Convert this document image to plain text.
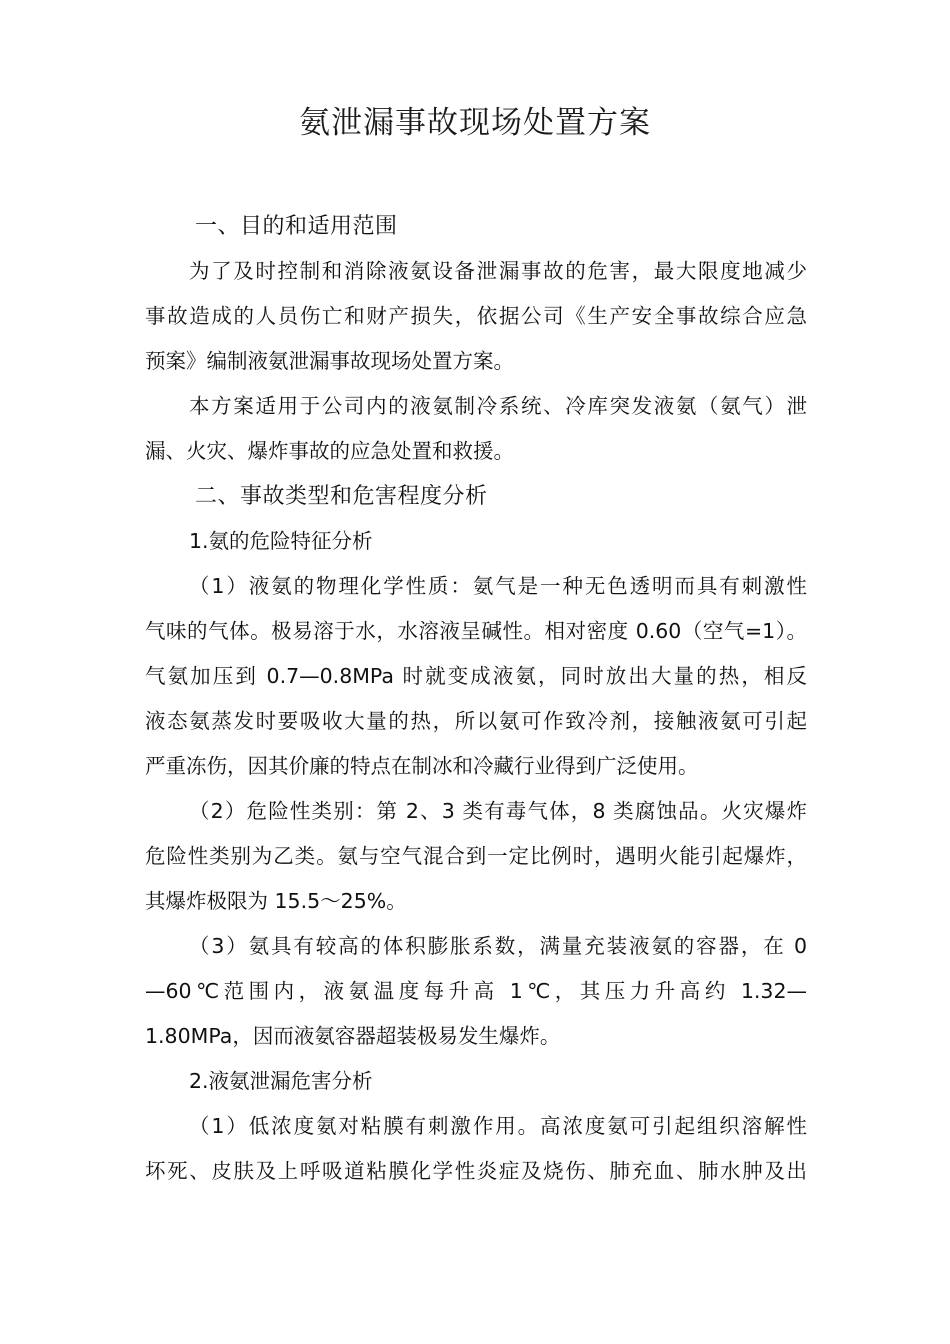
氨泄漏事故现场处置方案
一、目的和适用范围
为了及时控制和消除液氨设备泄漏事故的危害，最大限度地减少
事故造成的人员伤亡和财产损失，依据公司《生产安全事故综合应急
预案》编制液氨泄漏事故现场处置方案。
本方案适用于公司内的液氨制冷系统、冷库突发液氨（氨气）泄
漏、火灾、爆炸事故的应急处置和救援。
二、事故类型和危害程度分析
1.氨的危险特征分析
（1）液氨的物理化学性质：氨气是一种无色透明而具有刺激性
气味的气体。极易溶于水，水溶液呈碱性。相对密度 0.60（空气=1）。
气氨加压到 0.7—0.8MPa 时就变成液氨，同时放出大量的热，相反
液态氨蒸发时要吸收大量的热，所以氨可作致冷剂，接触液氨可引起
严重冻伤，因其价廉的特点在制冰和冷藏行业得到广泛使用。
（2）危险性类别：第 2、3 类有毒气体，8 类腐蚀品。火灾爆炸
危险性类别为乙类。氨与空气混合到一定比例时，遇明火能引起爆炸，
其爆炸极限为 15.5～25%。
（3）氨具有较高的体积膨胀系数，满量充装液氨的容器，在 0
—60℃范围内，液氨温度每升高 1℃，其压力升高约 1.32—
1.80MPa，因而液氨容器超装极易发生爆炸。
2.液氨泄漏危害分析
（1）低浓度氨对粘膜有刺激作用。高浓度氨可引起组织溶解性
坏死、皮肤及上呼吸道粘膜化学性炎症及烧伤、肺充血、肺水肿及出
